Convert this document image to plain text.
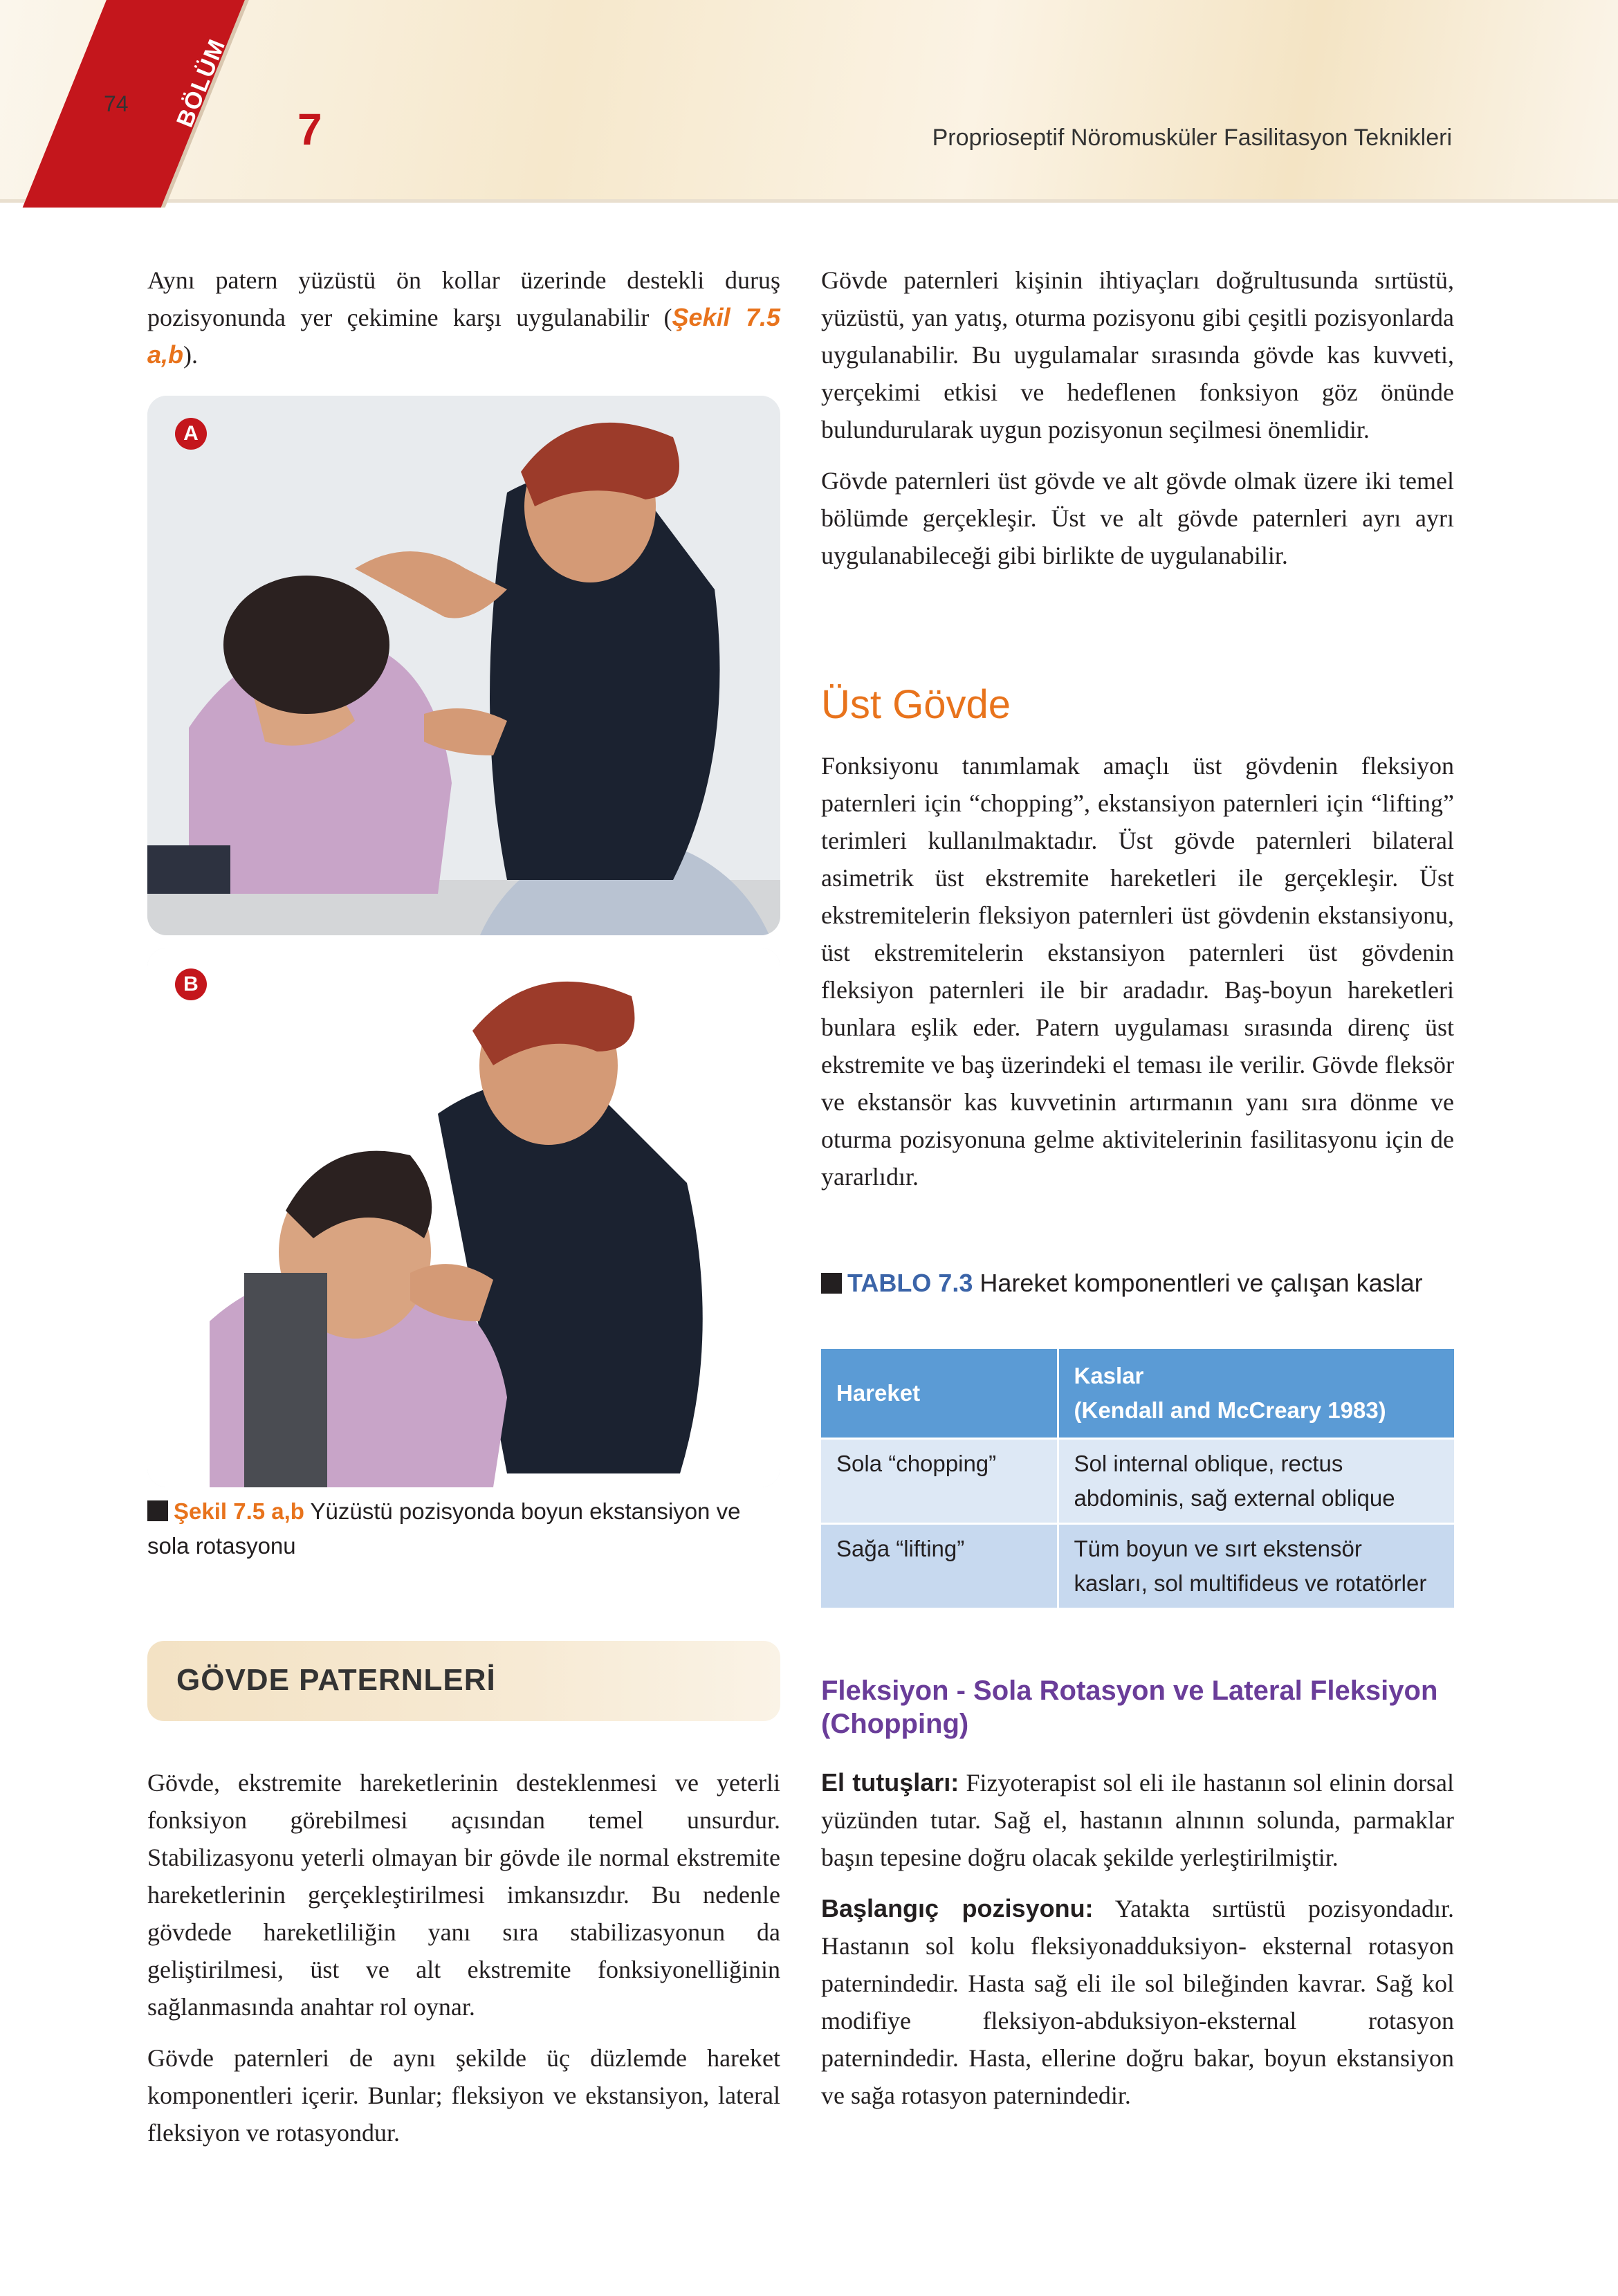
BÖLÜM 7
74
Proprioseptif Nöromusküler Fasilitasyon Teknikleri

Aynı patern yüzüstü ön kollar üzerinde destekli duruş pozisyonunda yer çekimine karşı uygulanabilir (Şekil 7.5 a,b).

A
B
Şekil 7.5 a,b Yüzüstü pozisyonda boyun ekstansiyon ve sola rotasyonu
GÖVDE PATERNLERİ

Gövde, ekstremite hareketlerinin desteklenmesi ve yeterli fonksiyon görebilmesi açısından temel unsurdur. Stabilizasyonu yeterli olmayan bir gövde ile normal ekstremite hareketlerinin gerçekleştirilmesi imkansızdır. Bu nedenle gövdede hareketliliğin yanı sıra stabilizasyonun da geliştirilmesi, üst ve alt ekstremite fonksiyonelliğinin sağlanmasında anahtar rol oynar.

Gövde paternleri de aynı şekilde üç düzlemde hareket komponentleri içerir. Bunlar; fleksiyon ve ekstansiyon, lateral fleksiyon ve rotasyondur.

Gövde paternleri kişinin ihtiyaçları doğrultusunda sırtüstü, yüzüstü, yan yatış, oturma pozisyonu gibi çeşitli pozisyonlarda uygulanabilir. Bu uygulamalar sırasında gövde kas kuvveti, yerçekimi etkisi ve hedeflenen fonksiyon göz önünde bulundurularak uygun pozisyonun seçilmesi önemlidir.

Gövde paternleri üst gövde ve alt gövde olmak üzere iki temel bölümde gerçekleşir. Üst ve alt gövde paternleri ayrı ayrı uygulanabileceği gibi birlikte de uygulanabilir.

Üst Gövde

Fonksiyonu tanımlamak amaçlı üst gövdenin fleksiyon paternleri için “chopping”, ekstansiyon paternleri için “lifting” terimleri kullanılmaktadır. Üst gövde paternleri bilateral asimetrik üst ekstremite hareketleri ile gerçekleşir. Üst ekstremitelerin fleksiyon paternleri üst gövdenin ekstansiyonu, üst ekstremitelerin ekstansiyon paternleri üst gövdenin fleksiyon paternleri ile bir aradadır. Baş-boyun hareketleri bunlara eşlik eder. Patern uygulaması sırasında direnç üst ekstremite ve baş üzerindeki el teması ile verilir. Gövde fleksör ve ekstansör kas kuvvetinin artırmanın yanı sıra dönme ve oturma pozisyonuna gelme aktivitelerinin fasilitasyonu için de yararlıdır.

TABLO 7.3 Hareket komponentleri ve çalışan kaslar
Hareket	Kaslar
(Kendall and McCreary 1983)
Sola “chopping”	Sol internal oblique, rectus abdominis, sağ external oblique
Sağa “lifting”	Tüm boyun ve sırt ekstensör kasları, sol multifideus ve rotatörler
Fleksiyon - Sola Rotasyon ve Lateral Fleksiyon (Chopping)

El tutuşları: Fizyoterapist sol eli ile hastanın sol elinin dorsal yüzünden tutar. Sağ el, hastanın alnının solunda, parmaklar başın tepesine doğru olacak şekilde yerleştirilmiştir.

Başlangıç pozisyonu: Yatakta sırtüstü pozisyondadır. Hastanın sol kolu fleksiyonadduksiyon- eksternal rotasyon paternindedir. Hasta sağ eli ile sol bileğinden kavrar. Sağ kol modifiye fleksiyon-abduksiyon-eksternal rotasyon paternindedir. Hasta, ellerine doğru bakar, boyun ekstansiyon ve sağa rotasyon paternindedir.
